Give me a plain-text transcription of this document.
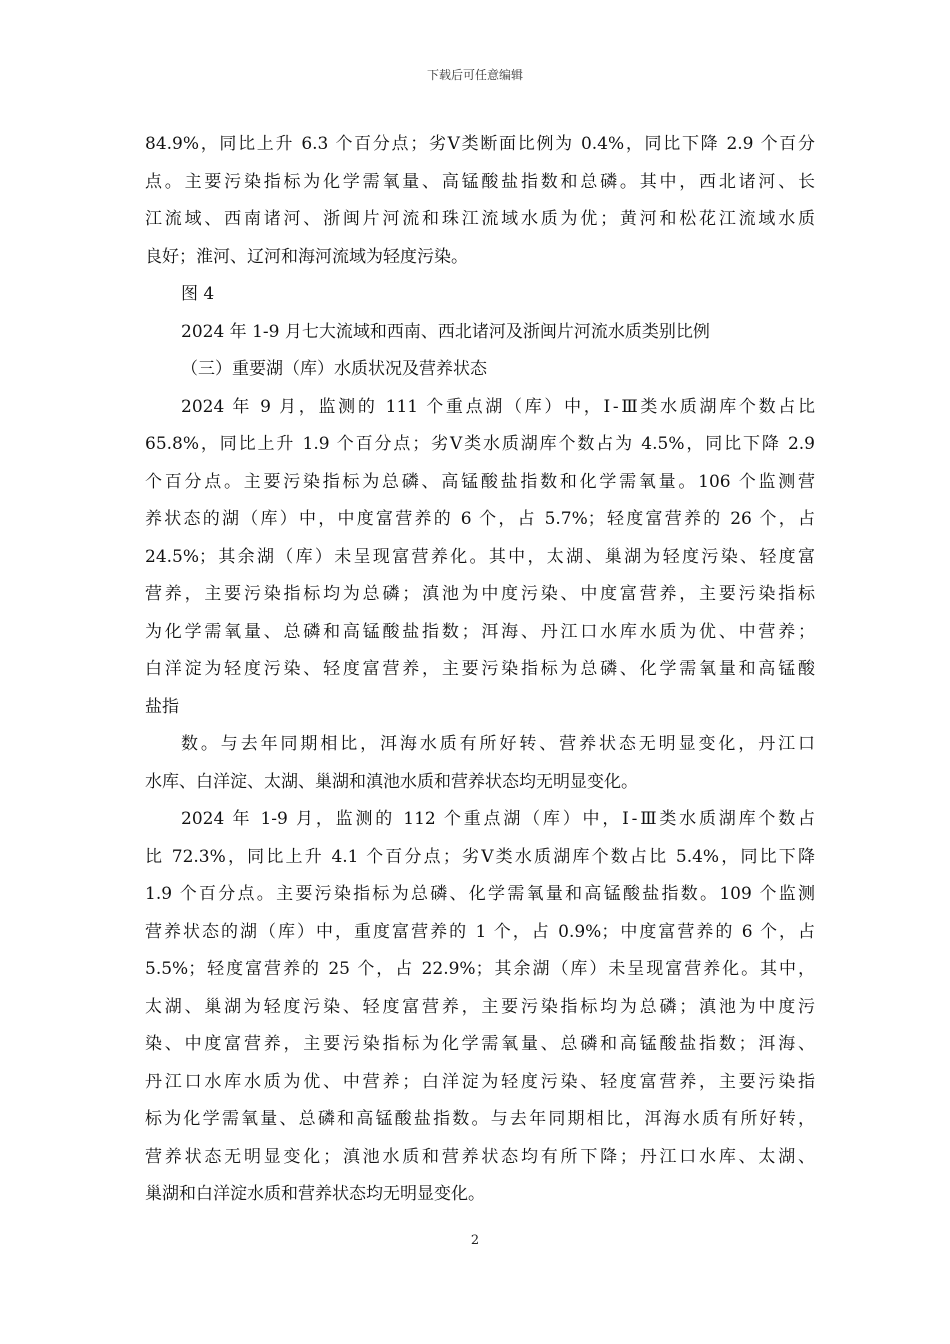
下载后可任意编辑
84.9%，同比上升 6.3 个百分点；劣Ⅴ类断面比例为 0.4%，同比下降 2.9 个百分
点。主要污染指标为化学需氧量、高锰酸盐指数和总磷。其中，西北诸河、长
江流域、西南诸河、浙闽片河流和珠江流域水质为优；黄河和松花江流域水质
良好；淮河、辽河和海河流域为轻度污染。
图 4
2024 年 1-9 月七大流域和西南、西北诸河及浙闽片河流水质类别比例
（三）重要湖（库）水质状况及营养状态
2024 年 9 月，监测的 111 个重点湖（库）中，Ⅰ-Ⅲ类水质湖库个数占比
65.8%，同比上升 1.9 个百分点；劣Ⅴ类水质湖库个数占为 4.5%，同比下降 2.9
个百分点。主要污染指标为总磷、高锰酸盐指数和化学需氧量。106 个监测营
养状态的湖（库）中，中度富营养的 6 个，占 5.7%；轻度富营养的 26 个，占
24.5%；其余湖（库）未呈现富营养化。其中，太湖、巢湖为轻度污染、轻度富
营养，主要污染指标均为总磷；滇池为中度污染、中度富营养，主要污染指标
为化学需氧量、总磷和高锰酸盐指数；洱海、丹江口水库水质为优、中营养；
白洋淀为轻度污染、轻度富营养，主要污染指标为总磷、化学需氧量和高锰酸
盐指
数。与去年同期相比，洱海水质有所好转、营养状态无明显变化，丹江口
水库、白洋淀、太湖、巢湖和滇池水质和营养状态均无明显变化。
2024 年 1-9 月，监测的 112 个重点湖（库）中，Ⅰ-Ⅲ类水质湖库个数占
比 72.3%，同比上升 4.1 个百分点；劣Ⅴ类水质湖库个数占比 5.4%，同比下降
1.9 个百分点。主要污染指标为总磷、化学需氧量和高锰酸盐指数。109 个监测
营养状态的湖（库）中，重度富营养的 1 个，占 0.9%；中度富营养的 6 个，占
5.5%；轻度富营养的 25 个，占 22.9%；其余湖（库）未呈现富营养化。其中，
太湖、巢湖为轻度污染、轻度富营养，主要污染指标均为总磷；滇池为中度污
染、中度富营养，主要污染指标为化学需氧量、总磷和高锰酸盐指数；洱海、
丹江口水库水质为优、中营养；白洋淀为轻度污染、轻度富营养，主要污染指
标为化学需氧量、总磷和高锰酸盐指数。与去年同期相比，洱海水质有所好转，
营养状态无明显变化；滇池水质和营养状态均有所下降；丹江口水库、太湖、
巢湖和白洋淀水质和营养状态均无明显变化。
2
